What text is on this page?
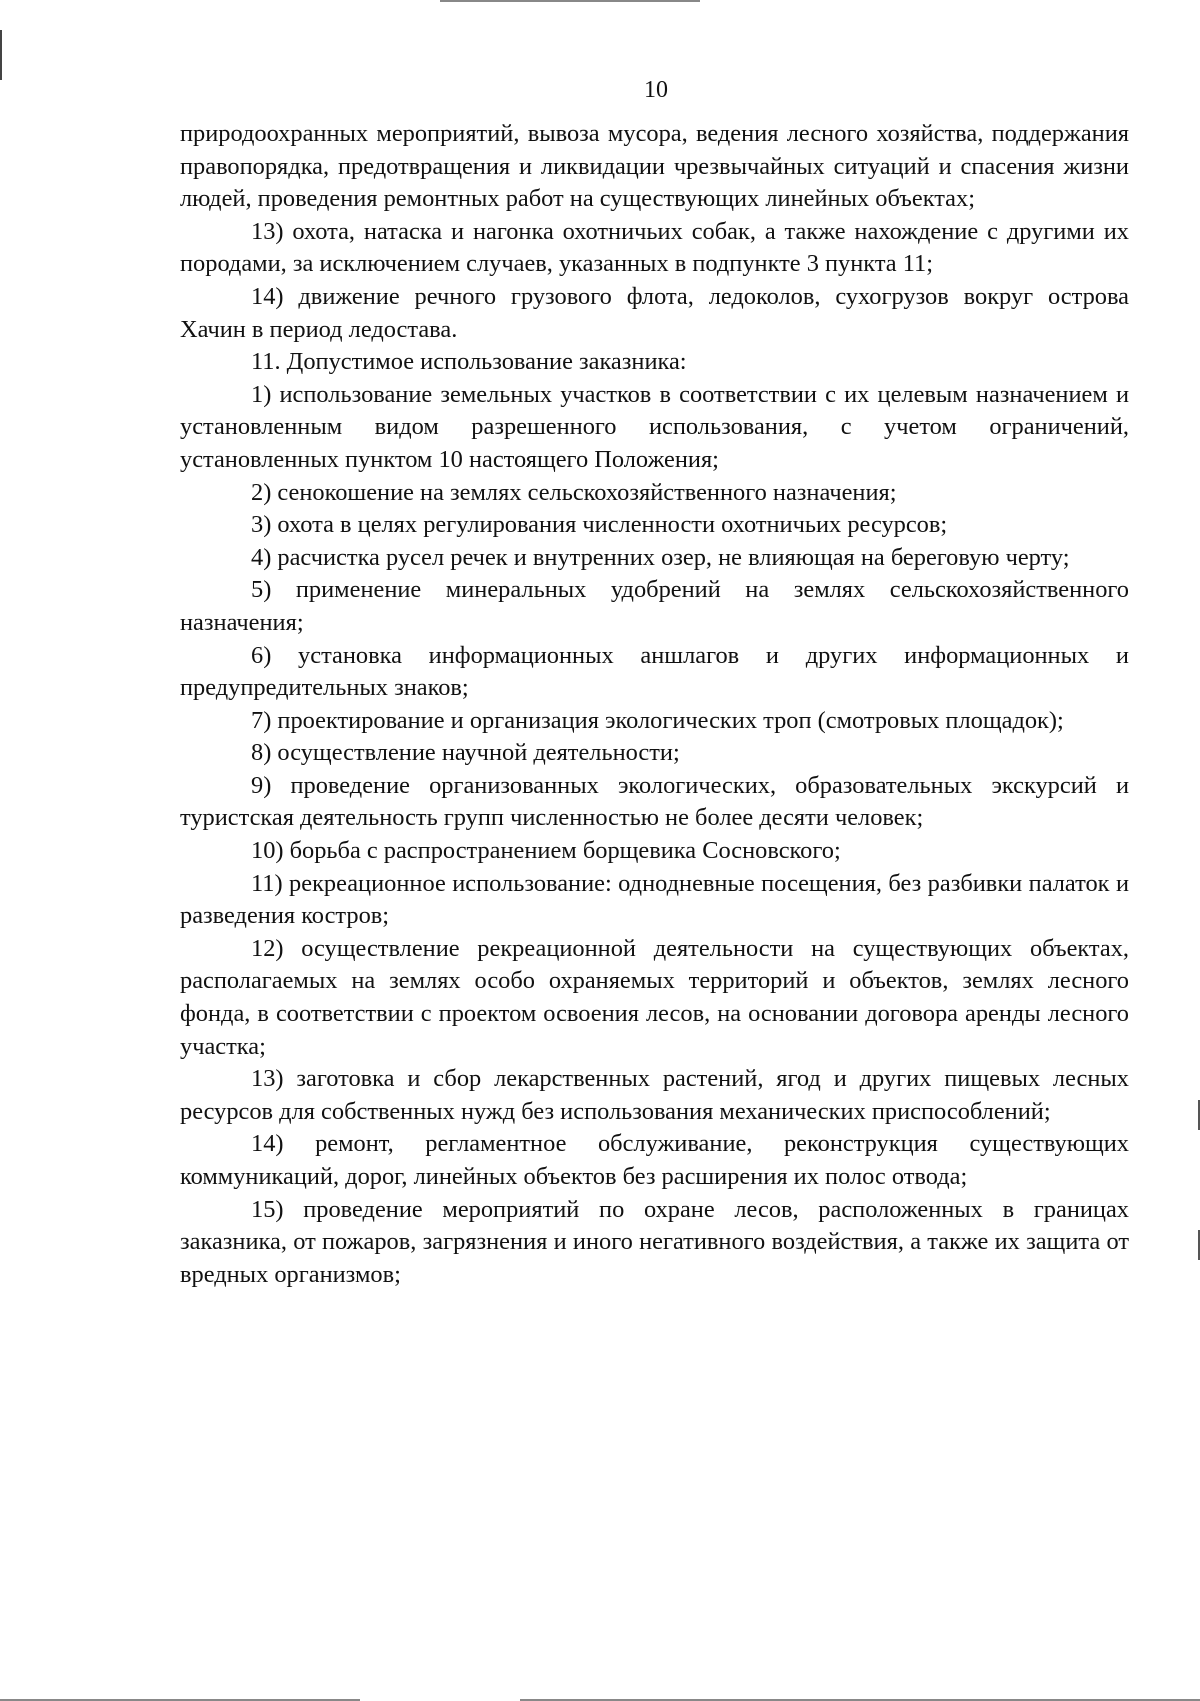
10

природоохранных мероприятий, вывоза мусора, ведения лесного хозяйства, поддержания правопорядка, предотвращения и ликвидации чрезвычайных ситуаций и спасения жизни людей, проведения ремонтных работ на существующих линейных объектах;

13) охота, натаска и нагонка охотничьих собак, а также нахождение с другими их породами, за исключением случаев, указанных в подпункте 3 пункта 11;

14) движение речного грузового флота, ледоколов, сухогрузов вокруг острова Хачин в период ледостава.

11. Допустимое использование заказника:

1) использование земельных участков в соответствии с их целевым назначением и установленным видом разрешенного использования, с учетом ограничений, установленных пунктом 10 настоящего Положения;

2) сенокошение на землях сельскохозяйственного назначения;

3) охота в целях регулирования численности охотничьих ресурсов;

4) расчистка русел речек и внутренних озер, не влияющая на береговую черту;

5) применение минеральных удобрений на землях сельскохозяйственного назначения;

6) установка информационных аншлагов и других информационных и предупредительных знаков;

7) проектирование и организация экологических троп (смотровых площадок);

8) осуществление научной деятельности;

9) проведение организованных экологических, образовательных экскурсий и туристская деятельность групп численностью не более десяти человек;

10) борьба с распространением борщевика Сосновского;

11) рекреационное использование: однодневные посещения, без разбивки палаток и разведения костров;

12) осуществление рекреационной деятельности на существующих объектах, располагаемых на землях особо охраняемых территорий и объектов, землях лесного фонда, в соответствии с проектом освоения лесов, на основании договора аренды лесного участка;

13) заготовка и сбор лекарственных растений, ягод и других пищевых лесных ресурсов для собственных нужд без использования механических приспособлений;

14) ремонт, регламентное обслуживание, реконструкция существующих коммуникаций, дорог, линейных объектов без расширения их полос отвода;

15) проведение мероприятий по охране лесов, расположенных в границах заказника, от пожаров, загрязнения и иного негативного воздействия, а также их защита от вредных организмов;
